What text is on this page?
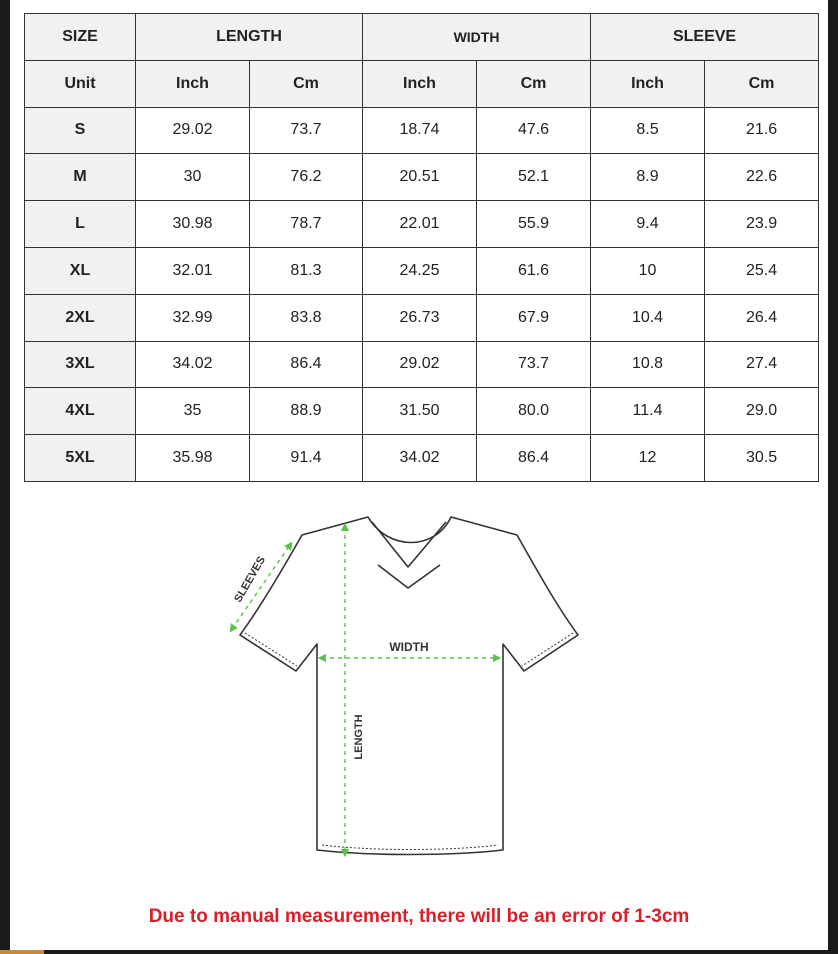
SIZE	LENGTH		WIDTH		SLEEVE	
Unit	Inch	Cm	Inch	Cm	Inch	Cm
S	29.02	73.7	18.74	47.6	8.5	21.6
M	30	76.2	20.51	52.1	8.9	22.6
L	30.98	78.7	22.01	55.9	9.4	23.9
XL	32.01	81.3	24.25	61.6	10	25.4
2XL	32.99	83.8	26.73	67.9	10.4	26.4
3XL	34.02	86.4	29.02	73.7	10.8	27.4
4XL	35	88.9	31.50	80.0	11.4	29.0
5XL	35.98	91.4	34.02	86.4	12	30.5
SLEEVES
WIDTH
LENGTH
Due to manual measurement, there will be an error of 1-3cm
